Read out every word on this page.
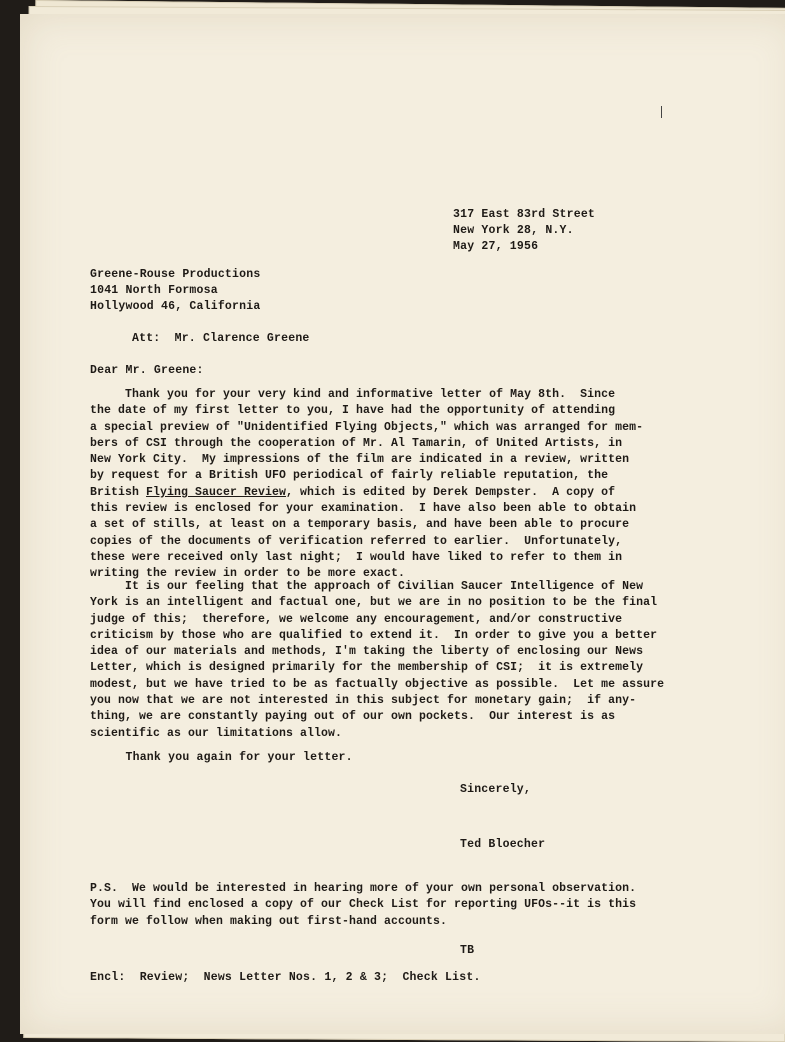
317 East 83rd Street
New York 28, N.Y.
May 27, 1956
Greene-Rouse Productions
1041 North Formosa
Hollywood 46, California
Att:  Mr. Clarence Greene
Dear Mr. Greene:
Thank you for your very kind and informative letter of May 8th.  Since
the date of my first letter to you, I have had the opportunity of attending
a special preview of "Unidentified Flying Objects," which was arranged for mem-
bers of CSI through the cooperation of Mr. Al Tamarin, of United Artists, in
New York City.  My impressions of the film are indicated in a review, written
by request for a British UFO periodical of fairly reliable reputation, the
British Flying Saucer Review, which is edited by Derek Dempster.  A copy of
this review is enclosed for your examination.  I have also been able to obtain
a set of stills, at least on a temporary basis, and have been able to procure
copies of the documents of verification referred to earlier.  Unfortunately,
these were received only last night;  I would have liked to refer to them in
writing the review in order to be more exact.
It is our feeling that the approach of Civilian Saucer Intelligence of New
York is an intelligent and factual one, but we are in no position to be the final
judge of this;  therefore, we welcome any encouragement, and/or constructive
criticism by those who are qualified to extend it.  In order to give you a better
idea of our materials and methods, I'm taking the liberty of enclosing our News
Letter, which is designed primarily for the membership of CSI;  it is extremely
modest, but we have tried to be as factually objective as possible.  Let me assure
you now that we are not interested in this subject for monetary gain;  if any-
thing, we are constantly paying out of our own pockets.  Our interest is as
scientific as our limitations allow.
Thank you again for your letter.
Sincerely,
Ted Bloecher
P.S.  We would be interested in hearing more of your own personal observation.
You will find enclosed a copy of our Check List for reporting UFOs--it is this
form we follow when making out first-hand accounts.
TB
Encl:  Review;  News Letter Nos. 1, 2 & 3;  Check List.
